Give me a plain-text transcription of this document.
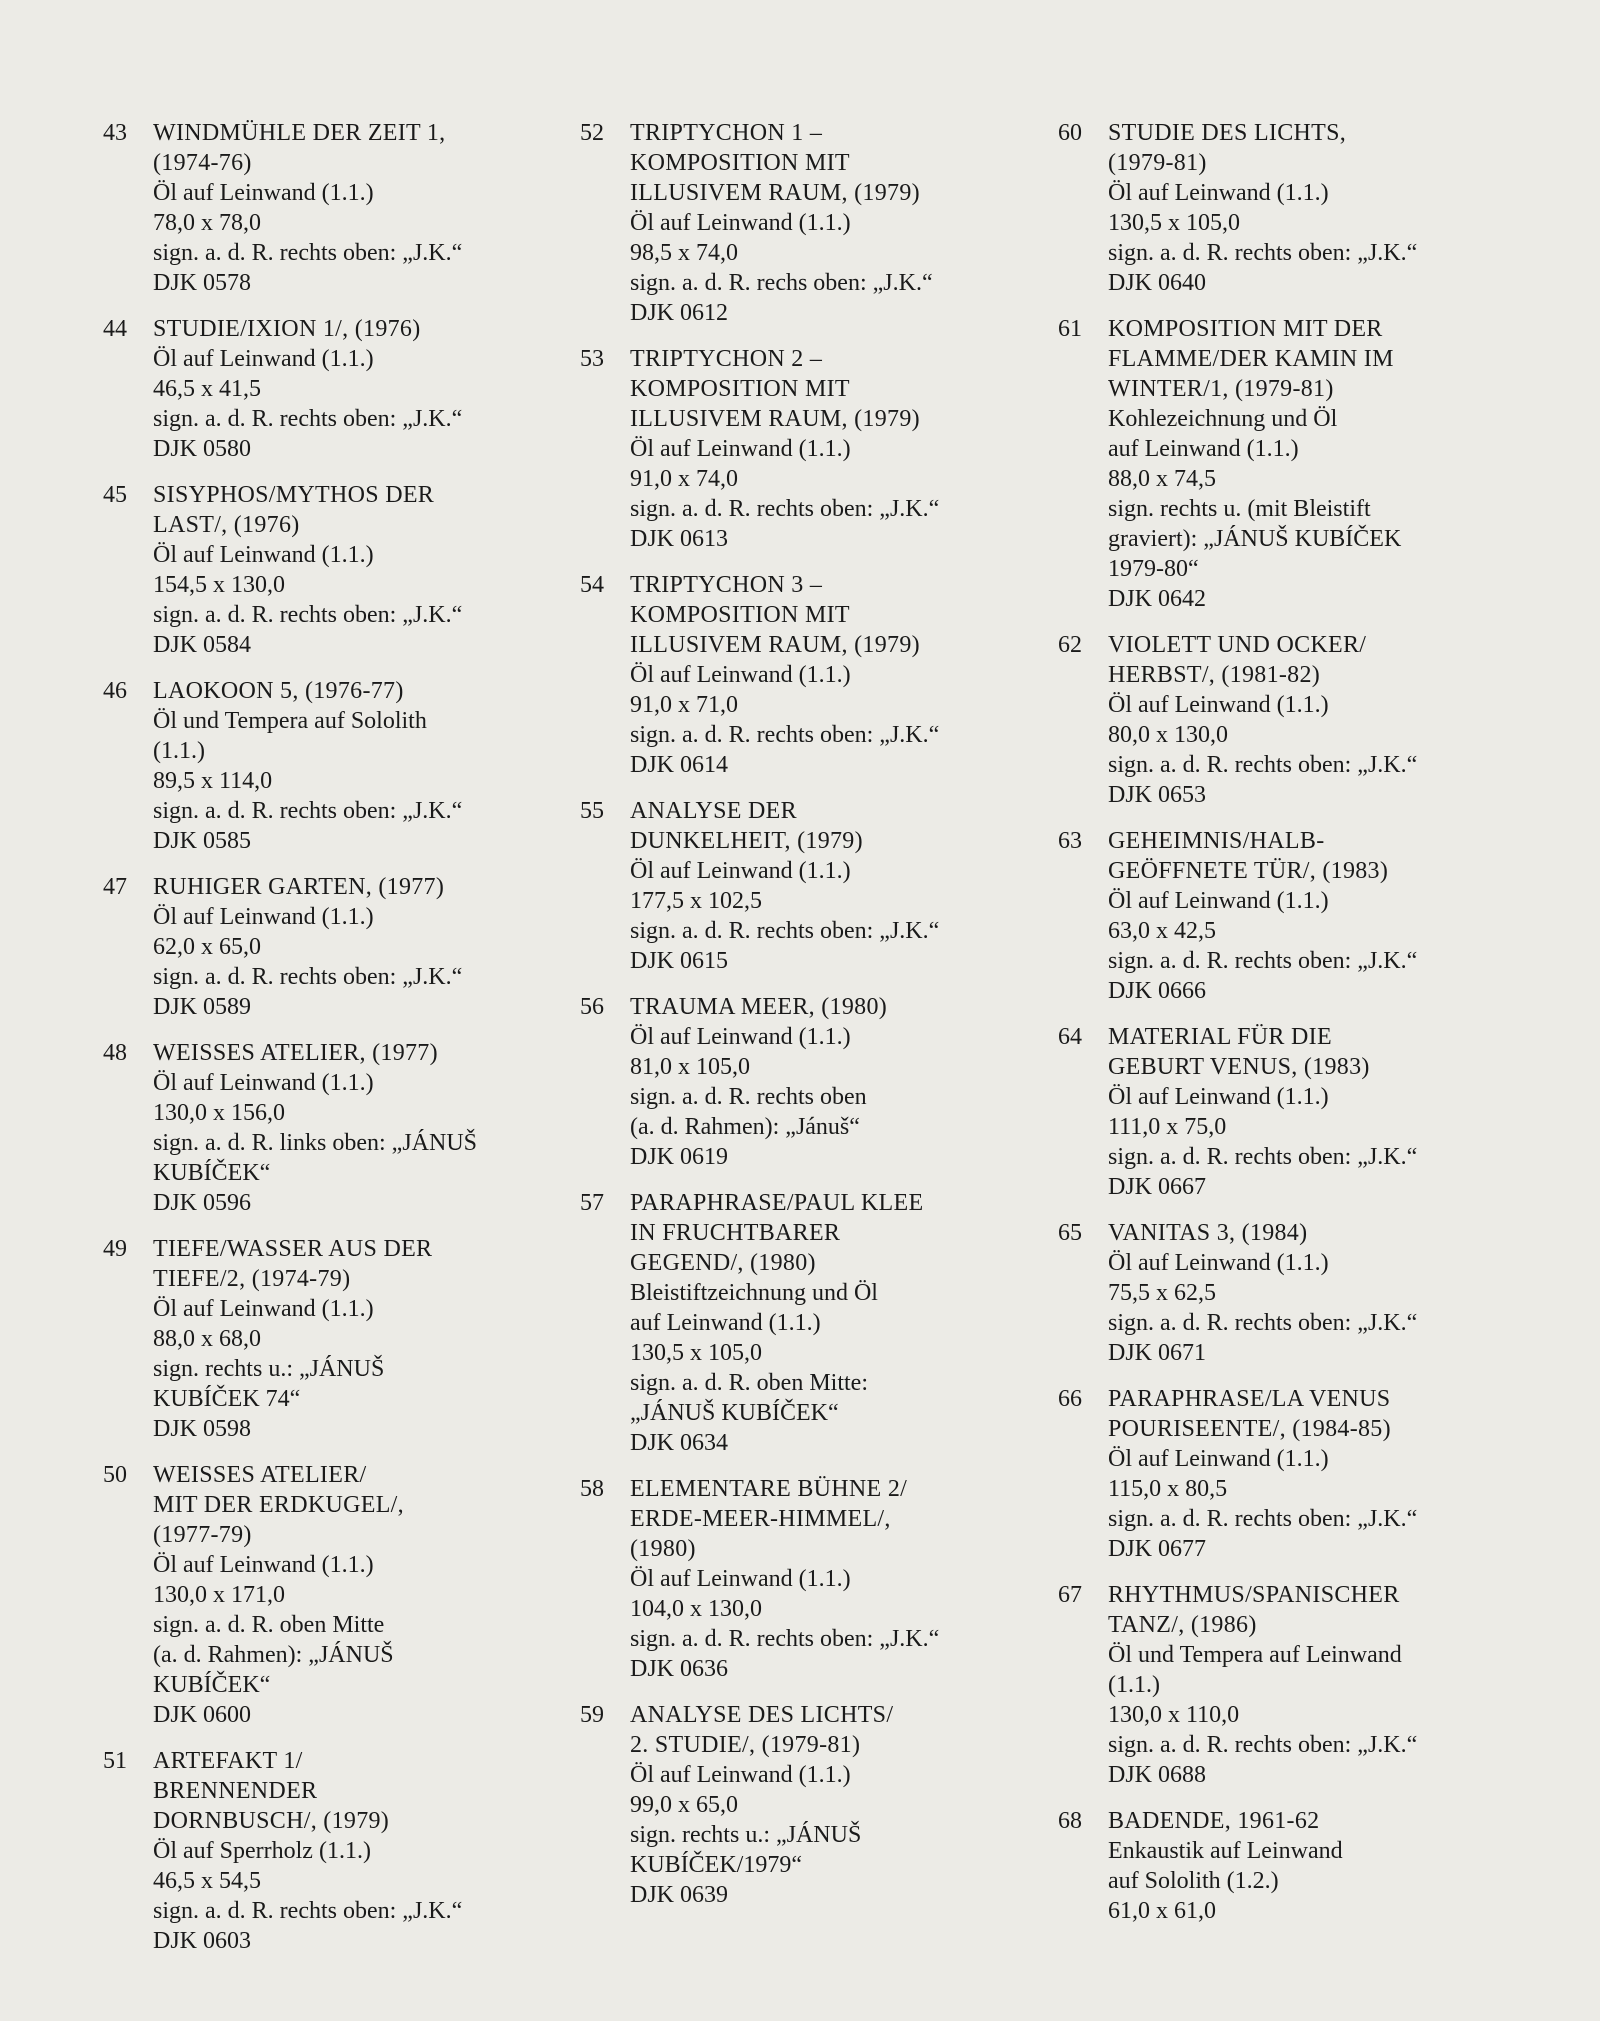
43	WINDMÜHLE DER ZEIT 1,
(1974-76)
Öl auf Leinwand (1.1.)
78,0 x 78,0
sign. a. d. R. rechts oben: „J.K.“
DJK 0578
44	STUDIE/IXION 1/, (1976)
Öl auf Leinwand (1.1.)
46,5 x 41,5
sign. a. d. R. rechts oben: „J.K.“
DJK 0580
45	SISYPHOS/MYTHOS DER
LAST/, (1976)
Öl auf Leinwand (1.1.)
154,5 x 130,0
sign. a. d. R. rechts oben: „J.K.“
DJK 0584
46	LAOKOON 5, (1976-77)
Öl und Tempera auf Sololith
(1.1.)
89,5 x 114,0
sign. a. d. R. rechts oben: „J.K.“
DJK 0585
47	RUHIGER GARTEN, (1977)
Öl auf Leinwand (1.1.)
62,0 x 65,0
sign. a. d. R. rechts oben: „J.K.“
DJK 0589
48	WEISSES ATELIER, (1977)
Öl auf Leinwand (1.1.)
130,0 x 156,0
sign. a. d. R. links oben: „JÁNUŠ
KUBÍČEK“
DJK 0596
49	TIEFE/WASSER AUS DER
TIEFE/2, (1974-79)
Öl auf Leinwand (1.1.)
88,0 x 68,0
sign. rechts u.: „JÁNUŠ
KUBÍČEK 74“
DJK 0598
50	WEISSES ATELIER/
MIT DER ERDKUGEL/,
(1977-79)
Öl auf Leinwand (1.1.)
130,0 x 171,0
sign. a. d. R. oben Mitte
(a. d. Rahmen): „JÁNUŠ
KUBÍČEK“
DJK 0600
51	ARTEFAKT 1/
BRENNENDER
DORNBUSCH/, (1979)
Öl auf Sperrholz (1.1.)
46,5 x 54,5
sign. a. d. R. rechts oben: „J.K.“
DJK 0603
52	TRIPTYCHON 1 –
KOMPOSITION MIT
ILLUSIVEM RAUM, (1979)
Öl auf Leinwand (1.1.)
98,5 x 74,0
sign. a. d. R. rechs oben: „J.K.“
DJK 0612
53	TRIPTYCHON 2 –
KOMPOSITION MIT
ILLUSIVEM RAUM, (1979)
Öl auf Leinwand (1.1.)
91,0 x 74,0
sign. a. d. R. rechts oben: „J.K.“
DJK 0613
54	TRIPTYCHON 3 –
KOMPOSITION MIT
ILLUSIVEM RAUM, (1979)
Öl auf Leinwand (1.1.)
91,0 x 71,0
sign. a. d. R. rechts oben: „J.K.“
DJK 0614
55	ANALYSE DER
DUNKELHEIT, (1979)
Öl auf Leinwand (1.1.)
177,5 x 102,5
sign. a. d. R. rechts oben: „J.K.“
DJK 0615
56	TRAUMA MEER, (1980)
Öl auf Leinwand (1.1.)
81,0 x 105,0
sign. a. d. R. rechts oben
(a. d. Rahmen): „Jánuš“
DJK 0619
57	PARAPHRASE/PAUL KLEE
IN FRUCHTBARER
GEGEND/, (1980)
Bleistiftzeichnung und Öl
auf Leinwand (1.1.)
130,5 x 105,0
sign. a. d. R. oben Mitte:
„JÁNUŠ KUBÍČEK“
DJK 0634
58	ELEMENTARE BÜHNE 2/
ERDE-MEER-HIMMEL/,
(1980)
Öl auf Leinwand (1.1.)
104,0 x 130,0
sign. a. d. R. rechts oben: „J.K.“
DJK 0636
59	ANALYSE DES LICHTS/
2. STUDIE/, (1979-81)
Öl auf Leinwand (1.1.)
99,0 x 65,0
sign. rechts u.: „JÁNUŠ
KUBÍČEK/1979“
DJK 0639
60	STUDIE DES LICHTS,
(1979-81)
Öl auf Leinwand (1.1.)
130,5 x 105,0
sign. a. d. R. rechts oben: „J.K.“
DJK 0640
61	KOMPOSITION MIT DER
FLAMME/DER KAMIN IM
WINTER/1, (1979-81)
Kohlezeichnung und Öl
auf Leinwand (1.1.)
88,0 x 74,5
sign. rechts u. (mit Bleistift
graviert): „JÁNUŠ KUBÍČEK
1979-80“
DJK 0642
62	VIOLETT UND OCKER/
HERBST/, (1981-82)
Öl auf Leinwand (1.1.)
80,0 x 130,0
sign. a. d. R. rechts oben: „J.K.“
DJK 0653
63	GEHEIMNIS/HALB-
GEÖFFNETE TÜR/, (1983)
Öl auf Leinwand (1.1.)
63,0 x 42,5
sign. a. d. R. rechts oben: „J.K.“
DJK 0666
64	MATERIAL FÜR DIE
GEBURT VENUS, (1983)
Öl auf Leinwand (1.1.)
111,0 x 75,0
sign. a. d. R. rechts oben: „J.K.“
DJK 0667
65	VANITAS 3, (1984)
Öl auf Leinwand (1.1.)
75,5 x 62,5
sign. a. d. R. rechts oben: „J.K.“
DJK 0671
66	PARAPHRASE/LA VENUS
POURISEENTE/, (1984-85)
Öl auf Leinwand (1.1.)
115,0 x 80,5
sign. a. d. R. rechts oben: „J.K.“
DJK 0677
67	RHYTHMUS/SPANISCHER
TANZ/, (1986)
Öl und Tempera auf Leinwand
(1.1.)
130,0 x 110,0
sign. a. d. R. rechts oben: „J.K.“
DJK 0688
68	BADENDE, 1961-62
Enkaustik auf Leinwand
auf Sololith (1.2.)
61,0 x 61,0
